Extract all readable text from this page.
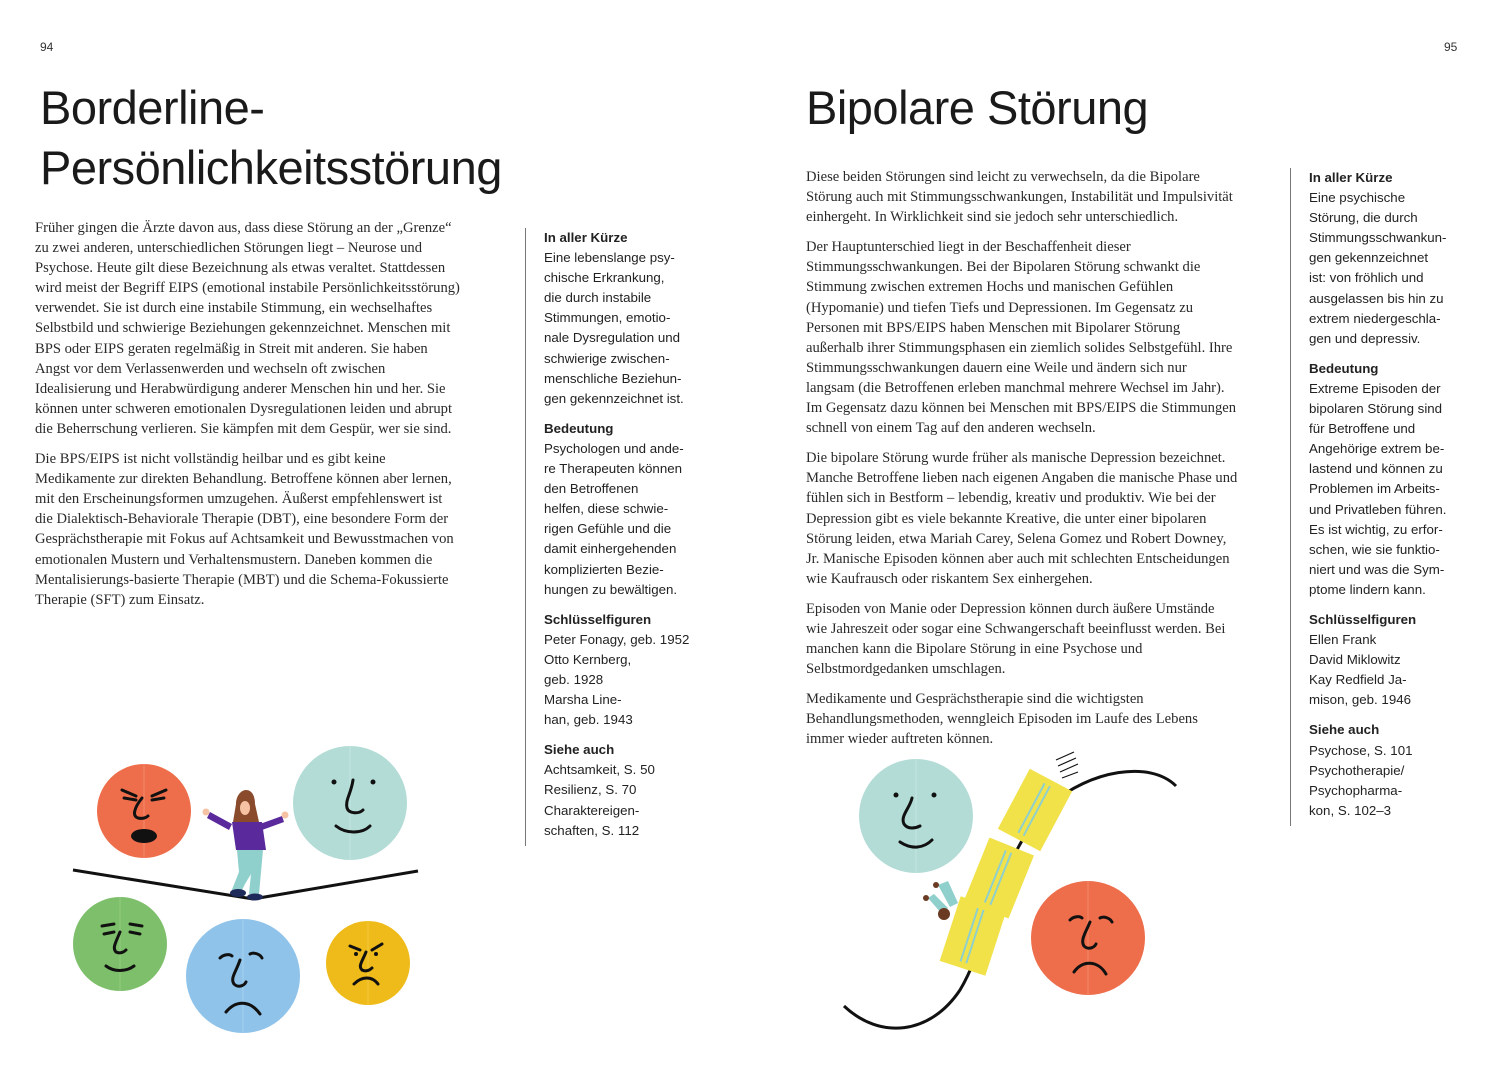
94
Borderline-
Persönlichkeitsstörung

Früher gingen die Ärzte davon aus, dass diese Störung an der „Grenze“ zu zwei anderen, unterschiedlichen Störungen liegt – Neurose und Psychose. Heute gilt diese Bezeichnung als etwas veraltet. Stattdessen wird meist der Begriff EIPS (emotional instabile Persönlichkeitsstörung) verwendet. Sie ist durch eine instabile Stimmung, ein wechselhaftes Selbstbild und schwierige Beziehungen gekennzeichnet. Menschen mit BPS oder EIPS geraten regelmäßig in Streit mit anderen. Sie haben Angst vor dem Verlassenwerden und wechseln oft zwischen Idealisierung und Herabwürdigung anderer Menschen hin und her. Sie können unter schweren emotionalen Dysregulationen leiden und abrupt die Beherrschung verlieren. Sie kämpfen mit dem Gespür, wer sie sind.

Die BPS/EIPS ist nicht vollständig heilbar und es gibt keine Medikamente zur direkten Behandlung. Betroffene können aber lernen, mit den Erscheinungsformen umzugehen. Äußerst empfehlenswert ist die Dialektisch-Behaviorale Therapie (DBT), eine besondere Form der Gesprächstherapie mit Fokus auf Achtsamkeit und Bewusstmachen von emotionalen Mustern und Verhaltensmustern. Daneben kommen die Mentalisierungs-basierte Therapie (MBT) und die Schema-Fokussierte Therapie (SFT) zum Einsatz.

In aller Kürze
Eine lebenslange psy-
chische Erkrankung,
die durch instabile
Stimmungen, emotio-
nale Dysregulation und
schwierige zwischen-
menschliche Beziehun-
gen gekennzeichnet ist.
Bedeutung
Psychologen und ande-
re Therapeuten können
den Betroffenen
helfen, diese schwie-
rigen Gefühle und die
damit einhergehenden
komplizierten Bezie-
hungen zu bewältigen.
Schlüsselfiguren
Peter Fonagy, geb. 1952
Otto Kernberg,
geb. 1928
Marsha Line-
han, geb. 1943
Siehe auch
Achtsamkeit, S. 50
Resilienz, S. 70
Charaktereigen-
schaften, S. 112
95
Bipolare Störung

Diese beiden Störungen sind leicht zu verwechseln, da die Bipolare Störung auch mit Stimmungsschwankungen, Instabilität und Impulsivität einhergeht. In Wirklichkeit sind sie jedoch sehr unterschiedlich.

Der Hauptunterschied liegt in der Beschaffenheit dieser Stimmungsschwankungen. Bei der Bipolaren Störung schwankt die Stimmung zwischen extremen Hochs und manischen Gefühlen (Hypomanie) und tiefen Tiefs und Depressionen. Im Gegensatz zu Personen mit BPS/EIPS haben Menschen mit Bipolarer Störung außerhalb ihrer Stimmungsphasen ein ziemlich solides Selbstgefühl. Ihre Stimmungsschwankungen dauern eine Weile und ändern sich nur langsam (die Betroffenen erleben manchmal mehrere Wechsel im Jahr). Im Gegensatz dazu können bei Menschen mit BPS/EIPS die Stimmungen schnell von einem Tag auf den anderen wechseln.

Die bipolare Störung wurde früher als manische Depression bezeichnet. Manche Betroffene lieben nach eigenen Angaben die manische Phase und fühlen sich in Bestform – lebendig, kreativ und produktiv. Wie bei der Depression gibt es viele bekannte Kreative, die unter einer bipolaren Störung leiden, etwa Mariah Carey, Selena Gomez und Robert Downey, Jr. Manische Episoden können aber auch mit schlechten Entscheidungen wie Kaufrausch oder riskantem Sex einhergehen.

Episoden von Manie oder Depression können durch äußere Umstände wie Jahreszeit oder sogar eine Schwangerschaft beeinflusst werden. Bei manchen kann die Bipolare Störung in eine Psychose und Selbstmordgedanken umschlagen.

Medikamente und Gesprächstherapie sind die wichtigsten Behandlungsmethoden, wenngleich Episoden im Laufe des Lebens immer wieder auftreten können.

In aller Kürze
Eine psychische
Störung, die durch
Stimmungsschwankun-
gen gekennzeichnet
ist: von fröhlich und
ausgelassen bis hin zu
extrem niedergeschla-
gen und depressiv.
Bedeutung
Extreme Episoden der
bipolaren Störung sind
für Betroffene und
Angehörige extrem be-
lastend und können zu
Problemen im Arbeits-
und Privatleben führen.
Es ist wichtig, zu erfor-
schen, wie sie funktio-
niert und was die Sym-
ptome lindern kann.
Schlüsselfiguren
Ellen Frank
David Miklowitz
Kay Redfield Ja-
mison, geb. 1946
Siehe auch
Psychose, S. 101
Psychotherapie/
Psychopharma-
kon, S. 102–3
